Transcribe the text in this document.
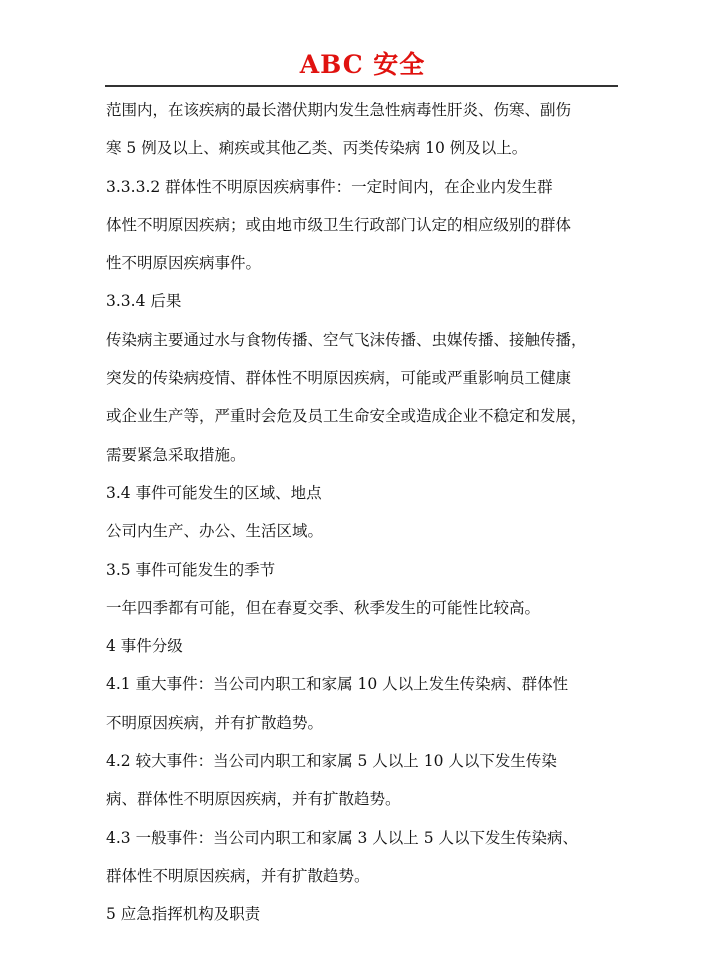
ABC 安全
范围内，在该疾病的最长潜伏期内发生急性病毒性肝炎、伤寒、副伤
寒 5 例及以上、痢疾或其他乙类、丙类传染病 10 例及以上。
3.3.3.2 群体性不明原因疾病事件：一定时间内，在企业内发生群
体性不明原因疾病；或由地市级卫生行政部门认定的相应级别的群体
性不明原因疾病事件。
3.3.4 后果
传染病主要通过水与食物传播、空气飞沫传播、虫媒传播、接触传播，
突发的传染病疫情、群体性不明原因疾病，可能或严重影响员工健康
或企业生产等，严重时会危及员工生命安全或造成企业不稳定和发展，
需要紧急采取措施。
3.4 事件可能发生的区域、地点
公司内生产、办公、生活区域。
3.5 事件可能发生的季节
一年四季都有可能，但在春夏交季、秋季发生的可能性比较高。
4 事件分级
4.1 重大事件：当公司内职工和家属 10 人以上发生传染病、群体性
不明原因疾病，并有扩散趋势。
4.2 较大事件：当公司内职工和家属 5 人以上 10 人以下发生传染
病、群体性不明原因疾病，并有扩散趋势。
4.3 一般事件：当公司内职工和家属 3 人以上 5 人以下发生传染病、
群体性不明原因疾病，并有扩散趋势。
5 应急指挥机构及职责
